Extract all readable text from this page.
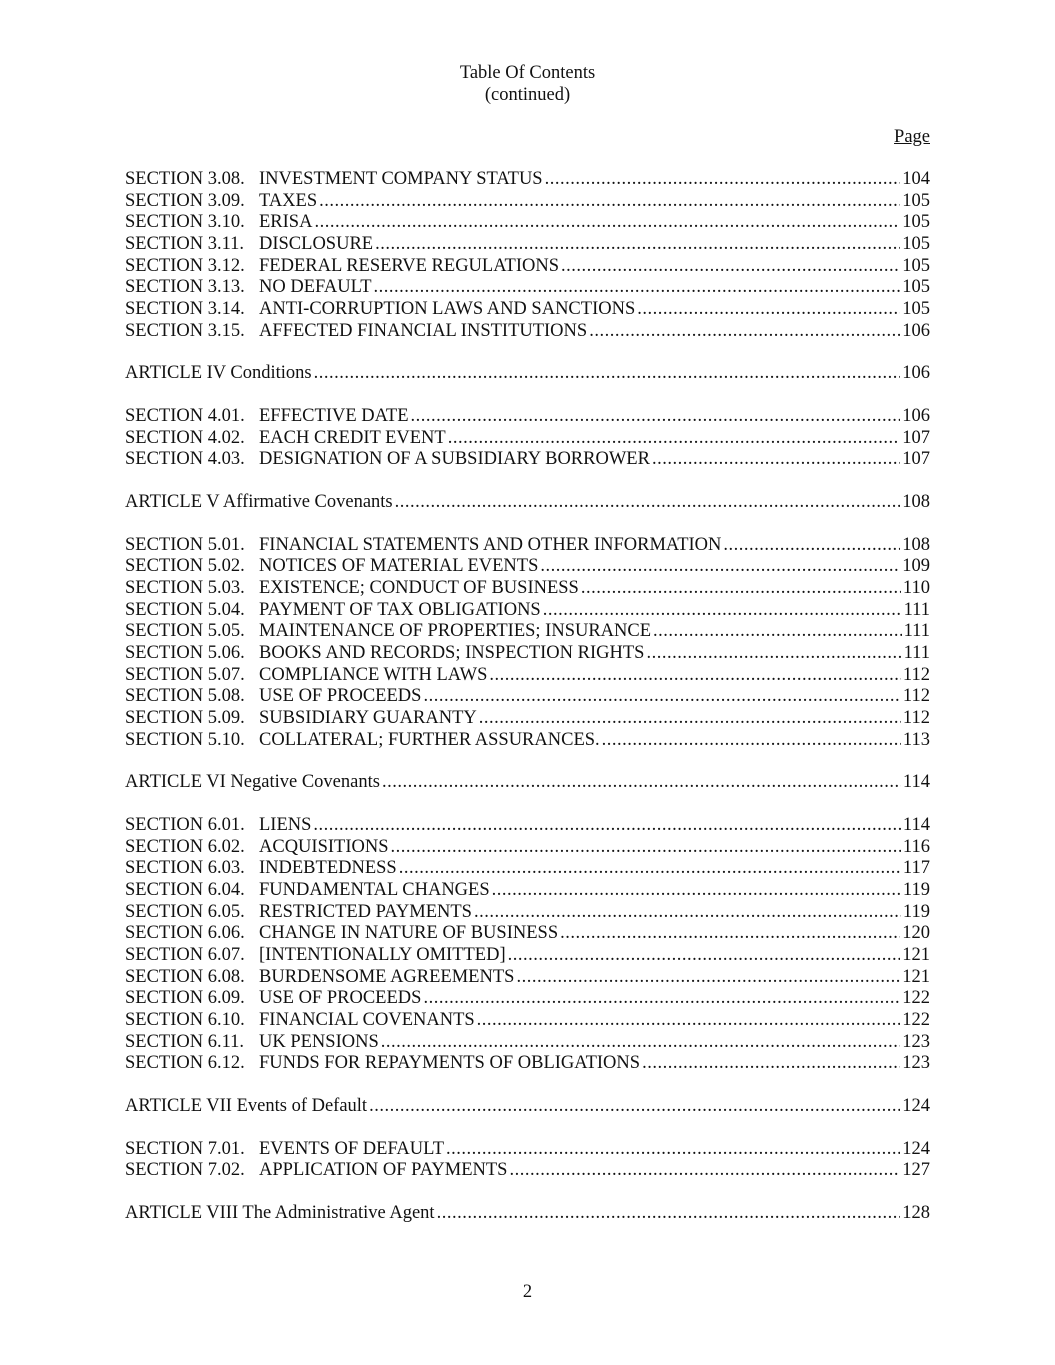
Table Of Contents
(continued)
Page
SECTION 3.08. INVESTMENT COMPANY STATUS .....	104
SECTION 3.09. TAXES .....	105
SECTION 3.10. ERISA .....	105
SECTION 3.11. DISCLOSURE .....	105
SECTION 3.12. FEDERAL RESERVE REGULATIONS .....	105
SECTION 3.13. NO DEFAULT .....	105
SECTION 3.14. ANTI-CORRUPTION LAWS AND SANCTIONS .....	105
SECTION 3.15. AFFECTED FINANCIAL INSTITUTIONS .....	106
ARTICLE IV Conditions .....	106
SECTION 4.01. EFFECTIVE DATE .....	106
SECTION 4.02. EACH CREDIT EVENT .....	107
SECTION 4.03. DESIGNATION OF A SUBSIDIARY BORROWER .....	107
ARTICLE V Affirmative Covenants .....	108
SECTION 5.01. FINANCIAL STATEMENTS AND OTHER INFORMATION .....	108
SECTION 5.02. NOTICES OF MATERIAL EVENTS .....	109
SECTION 5.03. EXISTENCE; CONDUCT OF BUSINESS .....	110
SECTION 5.04. PAYMENT OF TAX OBLIGATIONS .....	111
SECTION 5.05. MAINTENANCE OF PROPERTIES; INSURANCE .....	111
SECTION 5.06. BOOKS AND RECORDS; INSPECTION RIGHTS .....	111
SECTION 5.07. COMPLIANCE WITH LAWS .....	112
SECTION 5.08. USE OF PROCEEDS .....	112
SECTION 5.09. SUBSIDIARY GUARANTY .....	112
SECTION 5.10. COLLATERAL; FURTHER ASSURANCES. .....	113
ARTICLE VI Negative Covenants .....	114
SECTION 6.01. LIENS .....	114
SECTION 6.02. ACQUISITIONS .....	116
SECTION 6.03. INDEBTEDNESS .....	117
SECTION 6.04. FUNDAMENTAL CHANGES .....	119
SECTION 6.05. RESTRICTED PAYMENTS .....	119
SECTION 6.06. CHANGE IN NATURE OF BUSINESS .....	120
SECTION 6.07. [INTENTIONALLY OMITTED] .....	121
SECTION 6.08. BURDENSOME AGREEMENTS .....	121
SECTION 6.09. USE OF PROCEEDS .....	122
SECTION 6.10. FINANCIAL COVENANTS .....	122
SECTION 6.11. UK PENSIONS .....	123
SECTION 6.12. FUNDS FOR REPAYMENTS OF OBLIGATIONS .....	123
ARTICLE VII Events of Default .....	124
SECTION 7.01. EVENTS OF DEFAULT .....	124
SECTION 7.02. APPLICATION OF PAYMENTS .....	127
ARTICLE VIII The Administrative Agent .....	128
2
